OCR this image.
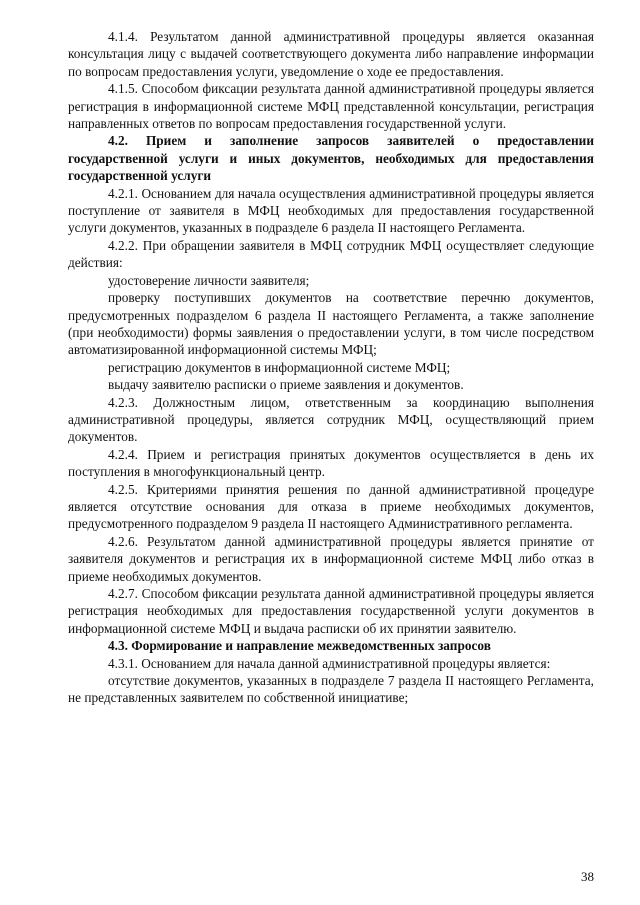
4.1.4. Результатом данной административной процедуры является оказанная консультация лицу с выдачей соответствующего документа либо направление информации по вопросам предоставления услуги, уведомление о ходе ее предоставления.

4.1.5. Способом фиксации результата данной административной процедуры является регистрация в информационной системе МФЦ представленной консультации, регистрация направленных ответов по вопросам предоставления государственной услуги.

4.2. Прием и заполнение запросов заявителей о предоставлении государственной услуги и иных документов, необходимых для предоставления государственной услуги

4.2.1. Основанием для начала осуществления административной процедуры является поступление от заявителя в МФЦ необходимых для предоставления государственной услуги документов, указанных в подразделе 6 раздела II настоящего Регламента.

4.2.2. При обращении заявителя в МФЦ сотрудник МФЦ осуществляет следующие действия:

удостоверение личности заявителя;

проверку поступивших документов на соответствие перечню документов, предусмотренных подразделом 6 раздела II настоящего Регламента, а также заполнение (при необходимости) формы заявления о предоставлении услуги, в том числе посредством автоматизированной информационной системы МФЦ;

регистрацию документов в информационной системе МФЦ;

выдачу заявителю расписки о приеме заявления и документов.

4.2.3. Должностным лицом, ответственным за координацию выполнения административной процедуры, является сотрудник МФЦ, осуществляющий прием документов.

4.2.4. Прием и регистрация принятых документов осуществляется в день их поступления в многофункциональный центр.

4.2.5. Критериями принятия решения по данной административной процедуре является отсутствие основания для отказа в приеме необходимых документов, предусмотренного подразделом 9 раздела II настоящего Административного регламента.

4.2.6. Результатом данной административной процедуры является принятие от заявителя документов и регистрация их в информационной системе МФЦ либо отказ в приеме необходимых документов.

4.2.7. Способом фиксации результата данной административной процедуры является регистрация необходимых для предоставления государственной услуги документов в информационной системе МФЦ и выдача расписки об их принятии заявителю.

4.3. Формирование и направление межведомственных запросов

4.3.1. Основанием для начала данной административной процедуры является:

отсутствие документов, указанных в подразделе 7 раздела II настоящего Регламента, не представленных заявителем по собственной инициативе;

38
